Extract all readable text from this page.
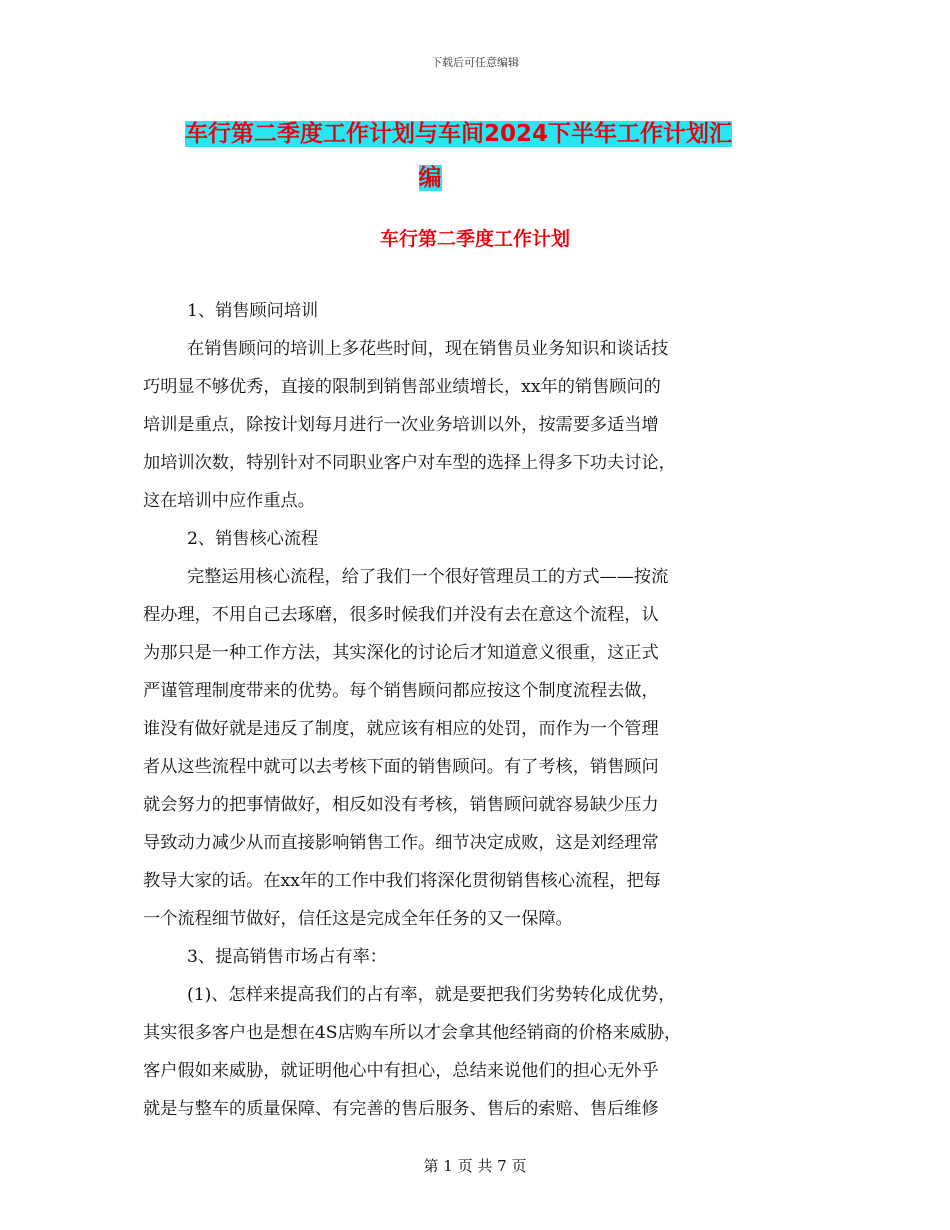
下载后可任意编辑
车行第二季度工作计划与车间2024下半年工作计划汇
编
车行第二季度工作计划

1、销售顾问培训

在销售顾问的培训上多花些时间，现在销售员业务知识和谈话技

巧明显不够优秀，直接的限制到销售部业绩增长，xx年的销售顾问的

培训是重点，除按计划每月进行一次业务培训以外，按需要多适当增

加培训次数，特别针对不同职业客户对车型的选择上得多下功夫讨论，

这在培训中应作重点。

2、销售核心流程

完整运用核心流程，给了我们一个很好管理员工的方式——按流

程办理，不用自己去琢磨，很多时候我们并没有去在意这个流程，认

为那只是一种工作方法，其实深化的讨论后才知道意义很重，这正式

严谨管理制度带来的优势。每个销售顾问都应按这个制度流程去做，

谁没有做好就是违反了制度，就应该有相应的处罚，而作为一个管理

者从这些流程中就可以去考核下面的销售顾问。有了考核，销售顾问

就会努力的把事情做好，相反如没有考核，销售顾问就容易缺少压力

导致动力减少从而直接影响销售工作。细节决定成败，这是刘经理常

教导大家的话。在xx年的工作中我们将深化贯彻销售核心流程，把每

一个流程细节做好，信任这是完成全年任务的又一保障。

3、提高销售市场占有率：

(1)、怎样来提高我们的占有率，就是要把我们劣势转化成优势，

其实很多客户也是想在4S店购车所以才会拿其他经销商的价格来威胁，

客户假如来威胁，就证明他心中有担心，总结来说他们的担心无外乎

就是与整车的质量保障、有完善的售后服务、售后的索赔、售后维修

第 1 页 共 7 页
